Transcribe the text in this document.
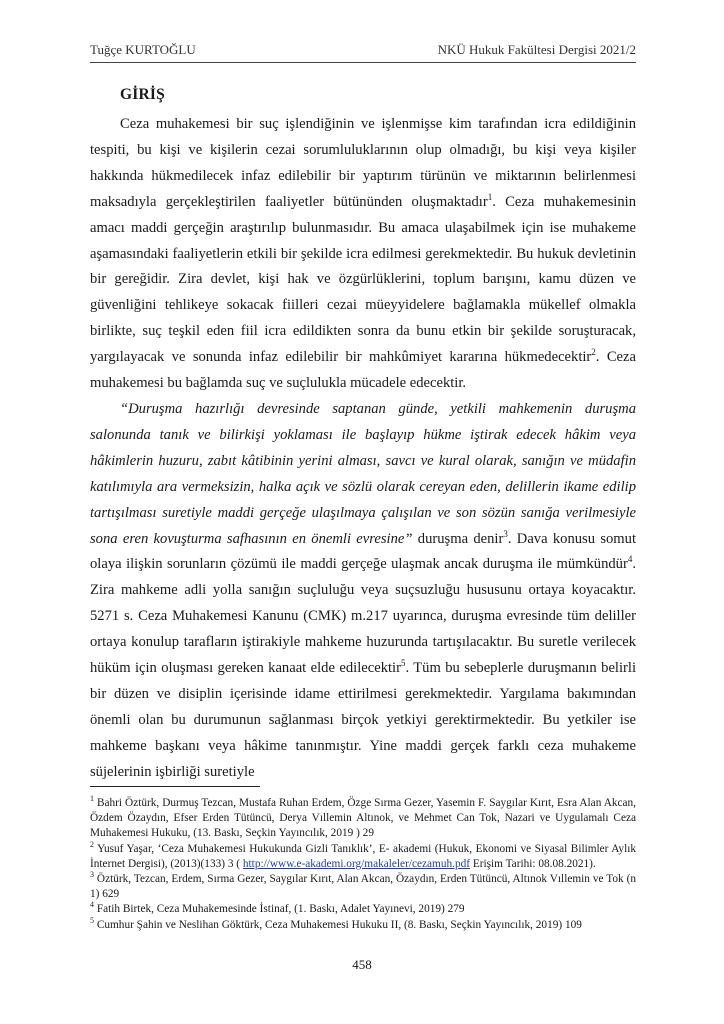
Tuğçe KURTOĞLU	NKÜ Hukuk Fakültesi Dergisi 2021/2
GİRİŞ

Ceza muhakemesi bir suç işlendiğinin ve işlenmişse kim tarafından icra edildiğinin tespiti, bu kişi ve kişilerin cezai sorumluluklarının olup olmadığı, bu kişi veya kişiler hakkında hükmedilecek infaz edilebilir bir yaptırım türünün ve miktarının belirlenmesi maksadıyla gerçekleştirilen faaliyetler bütününden oluşmaktadır$^1$. Ceza muhakemesinin amacı maddi gerçeğin araştırılıp bulunmasıdır. Bu amaca ulaşabilmek için ise muhakeme aşamasındaki faaliyetlerin etkili bir şekilde icra edilmesi gerekmektedir. Bu hukuk devletinin bir gereğidir. Zira devlet, kişi hak ve özgürlüklerini, toplum barışını, kamu düzen ve güvenliğini tehlikeye sokacak fiilleri cezai müeyyidelere bağlamakla mükellef olmakla birlikte, suç teşkil eden fiil icra edildikten sonra da bunu etkin bir şekilde soruşturacak, yargılayacak ve sonunda infaz edilebilir bir mahkûmiyet kararına hükmedecektir$^2$. Ceza muhakemesi bu bağlamda suç ve suçlulukla mücadele edecektir.

“Duruşma hazırlığı devresinde saptanan günde, yetkili mahkemenin duruşma salonunda tanık ve bilirkişi yoklaması ile başlayıp hükme iştirak edecek hâkim veya hâkimlerin huzuru, zabıt kâtibinin yerini alması, savcı ve kural olarak, sanığın ve müdafin katılımıyla ara vermeksizin, halka açık ve sözlü olarak cereyan eden, delillerin ikame edilip tartışılması suretiyle maddi gerçeğe ulaşılmaya çalışılan ve son sözün sanığa verilmesiyle sona eren kovuşturma safhasının en önemli evresine” duruşma denir$^3$. Dava konusu somut olaya ilişkin sorunların çözümü ile maddi gerçeğe ulaşmak ancak duruşma ile mümkündür$^4$. Zira mahkeme adli yolla sanığın suçluluğu veya suçsuzluğu hususunu ortaya koyacaktır. 5271 s. Ceza Muhakemesi Kanunu (CMK) m.217 uyarınca, duruşma evresinde tüm deliller ortaya konulup tarafların iştirakiyle mahkeme huzurunda tartışılacaktır. Bu suretle verilecek hüküm için oluşması gereken kanaat elde edilecektir$^5$. Tüm bu sebeplerle duruşmanın belirli bir düzen ve disiplin içerisinde idame ettirilmesi gerekmektedir. Yargılama bakımından önemli olan bu durumunun sağlanması birçok yetkiyi gerektirmektedir. Bu yetkiler ise mahkeme başkanı veya hâkime tanınmıştır. Yine maddi gerçek farklı ceza muhakeme süjelerinin işbirliği suretiyle

$^1$ Bahri Öztürk, Durmuş Tezcan, Mustafa Ruhan Erdem, Özge Sırma Gezer, Yasemin F. Saygılar Kırıt, Esra Alan Akcan, Özdem Özaydın, Efser Erden Tütüncü, Derya Vıllemin Altınok, ve Mehmet Can Tok, Nazari ve Uygulamalı Ceza Muhakemesi Hukuku, (13. Baskı, Seçkin Yayıncılık, 2019 ) 29

$^2$ Yusuf Yaşar, ‘Ceza Muhakemesi Hukukunda Gizli Tanıklık’, E- akademi (Hukuk, Ekonomi ve Siyasal Bilimler Aylık İnternet Dergisi), (2013)(133) 3 ( http://www.e-akademi.org/makaleler/cezamuh.pdf Erişim Tarihi: 08.08.2021).

$^3$ Öztürk, Tezcan, Erdem, Sırma Gezer, Saygılar Kırıt, Alan Akcan, Özaydın, Erden Tütüncü, Altınok Vıllemin ve Tok (n 1) 629

$^4$ Fatih Birtek, Ceza Muhakemesinde İstinaf, (1. Baskı, Adalet Yayınevi, 2019) 279

$^5$ Cumhur Şahin ve Neslihan Göktürk, Ceza Muhakemesi Hukuku II, (8. Baskı, Seçkin Yayıncılık, 2019) 109

458
